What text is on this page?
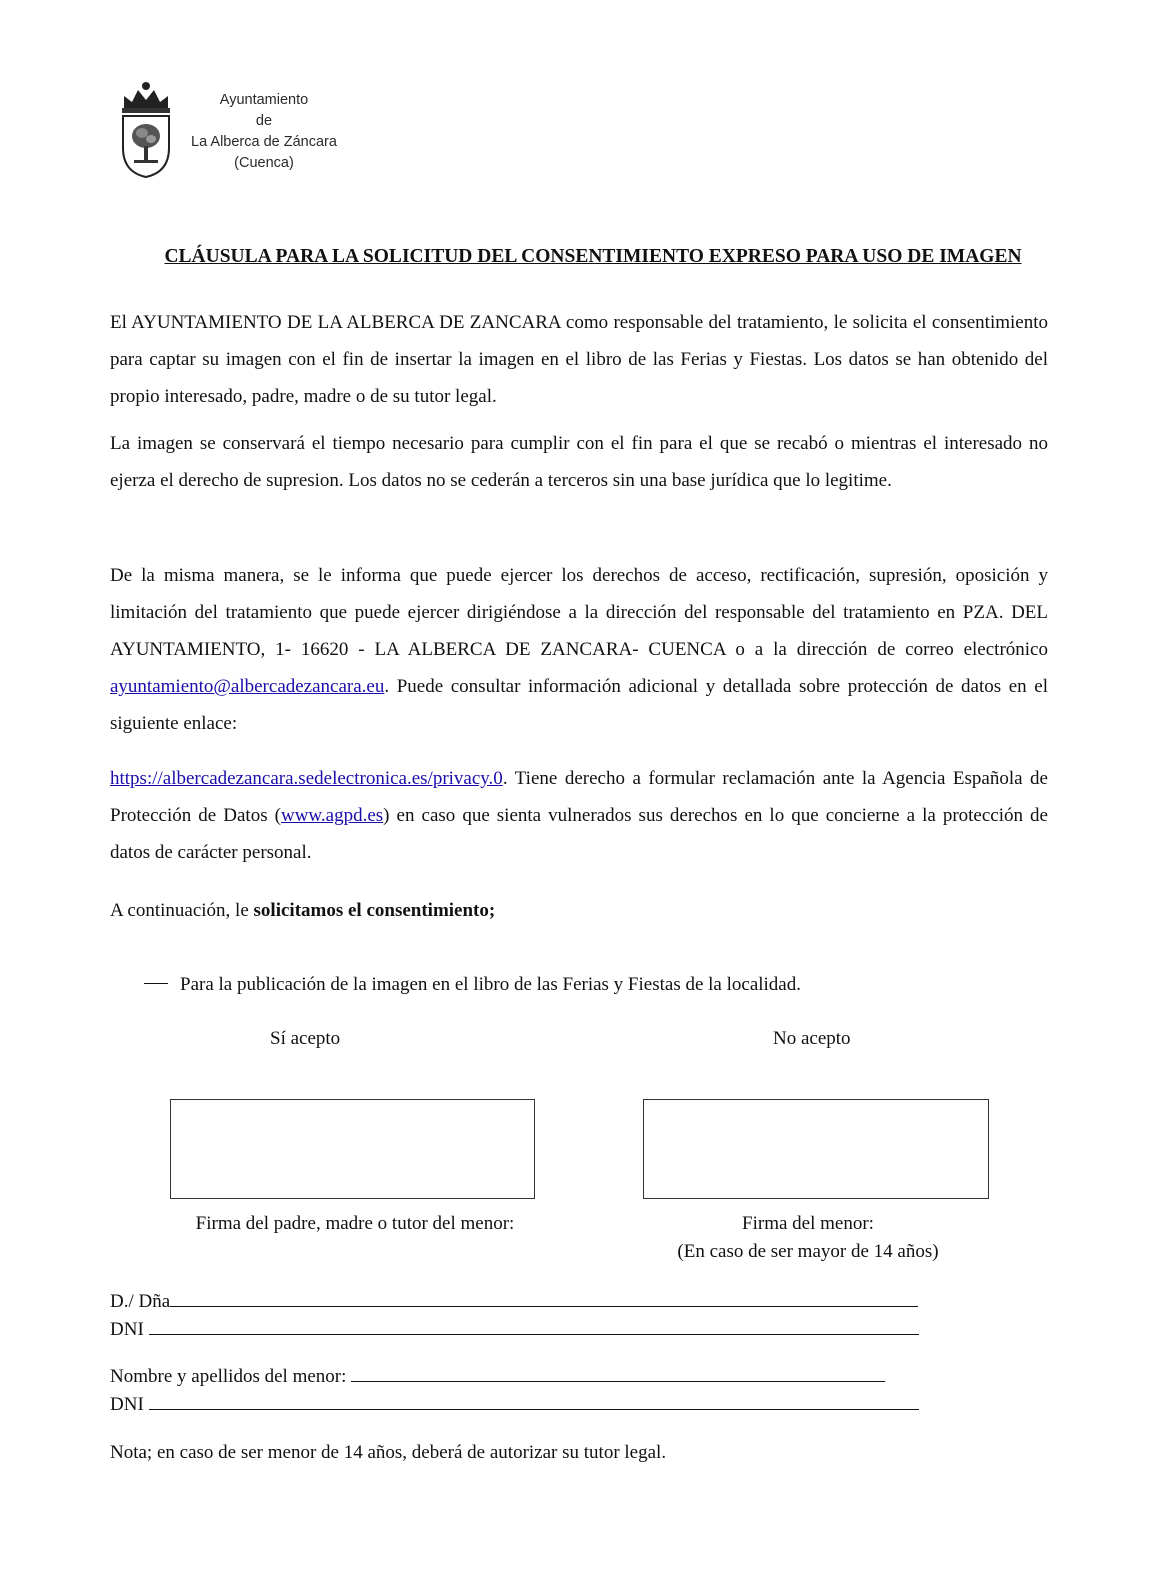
Ayuntamiento
de
La Alberca de Záncara
(Cuenca)
CLÁUSULA PARA LA SOLICITUD DEL CONSENTIMIENTO EXPRESO PARA USO DE IMAGEN

El AYUNTAMIENTO DE LA ALBERCA DE ZANCARA como responsable del tratamiento, le solicita el consentimiento para captar su imagen con el fin de insertar la imagen en el libro de las Ferias y Fiestas. Los datos se han obtenido del propio interesado, padre, madre o de su tutor legal.

La imagen se conservará el tiempo necesario para cumplir con el fin para el que se recabó o mientras el interesado no ejerza el derecho de supresion. Los datos no se cederán a terceros sin una base jurídica que lo legitime.

De la misma manera, se le informa que puede ejercer los derechos de acceso, rectificación, supresión, oposición y limitación del tratamiento que puede ejercer dirigiéndose a la dirección del responsable del tratamiento en PZA. DEL AYUNTAMIENTO, 1- 16620 - LA ALBERCA DE ZANCARA- CUENCA o a la dirección de correo electrónico ayuntamiento@albercadezancara.eu. Puede consultar información adicional y detallada sobre protección de datos en el siguiente enlace:

https://albercadezancara.sedelectronica.es/privacy.0. Tiene derecho a formular reclamación ante la Agencia Española de Protección de Datos (www.agpd.es) en caso que sienta vulnerados sus derechos en lo que concierne a la protección de datos de carácter personal.

A continuación, le solicitamos el consentimiento;

Para la publicación de la imagen en el libro de las Ferias y Fiestas de la localidad.
Sí acepto	No acepto
Firma del padre, madre o tutor del menor:	Firma del menor:
(En caso de ser mayor de 14 años)
D./ Dña
DNI
Nombre y apellidos del menor:
DNI
Nota; en caso de ser menor de 14 años, deberá de autorizar su tutor legal.
